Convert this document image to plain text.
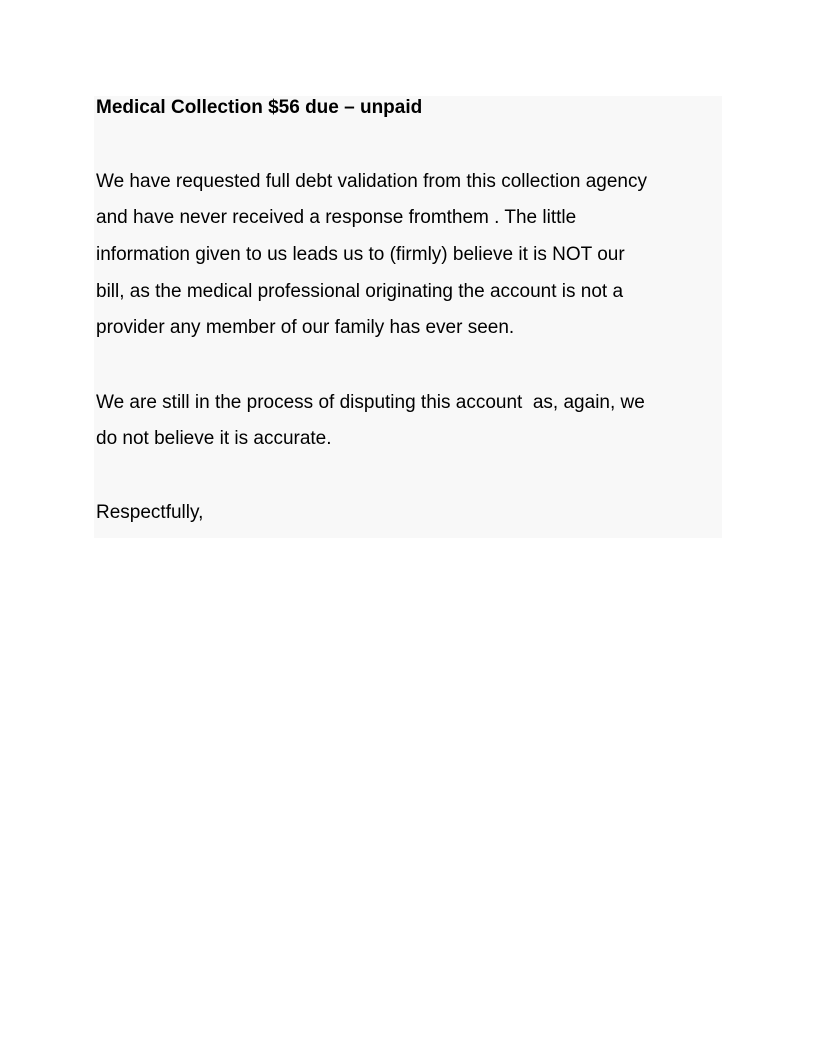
Medical Collection $56 due – unpaid
We have requested full debt validation from this collection agency
and have never received a response fromthem . The little
information given to us leads us to (firmly) believe it is NOT our
bill, as the medical professional originating the account is not a
provider any member of our family has ever seen.
We are still in the process of disputing this account  as, again, we
do not believe it is accurate.
Respectfully,
